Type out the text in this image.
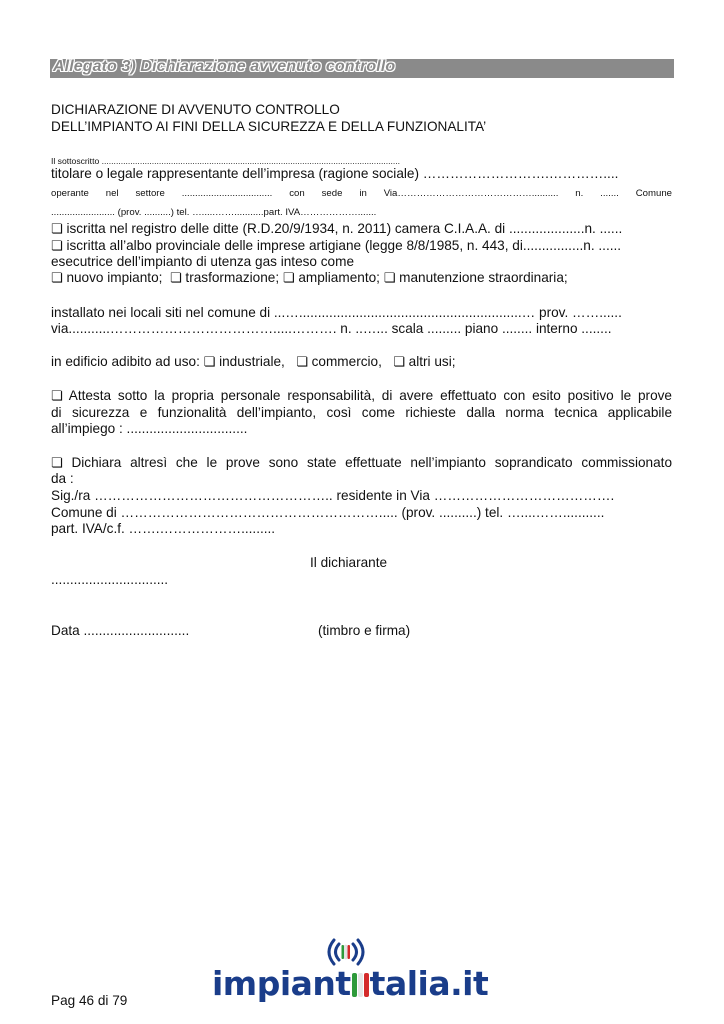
Allegato 3) Dichiarazione avvenuto controllo
DICHIARAZIONE DI AVVENUTO CONTROLLO
DELL’IMPIANTO AI FINI DELLA SICUREZZA E DELLA FUNZIONALITA’
Il sottoscritto .............................................................................................................................
titolare o legale rappresentante dell’impresa (ragione sociale) ……………………….…………....
operante nel settore .................................. con sede in Via…………………………………….......... n. ....... Comune
........................ (prov. ..........) tel. ….....……...........part. IVA……………….......
❏ iscritta nel registro delle ditte (R.D.20/9/1934, n. 2011) camera C.I.A.A. di ....................n. ......
❏ iscritta all’albo provinciale delle imprese artigiane (legge 8/8/1985, n. 443, di................n. ......
esecutrice dell’impianto di utenza gas inteso come
❏ nuovo impianto; ❏ trasformazione; ❏ ampliamento; ❏ manutenzione straordinaria;
installato nei locali siti nel comune di ...…...........................................................… prov. ……......
via...........……………………………….....………. n. ..…... scala ......... piano ........ interno ........
in edificio adibito ad uso: ❏ industriale, ❏ commercio, ❏ altri usi;
❏ Attesta sotto la propria personale responsabilità, di avere effettuato con esito positivo le prove
di sicurezza e funzionalità dell’impianto, così come richieste dalla norma tecnica applicabile
all’impiego : ................................
❏ Dichiara altresì che le prove sono state effettuate nell’impianto soprandicato commissionato
da :
Sig./ra …………………………………………….. residente in Via ………………………………….
Comune di …………………………………………………..... (prov. ..........) tel. …....……...........
part. IVA/c.f. …….……………….........
Il dichiarante
...............................
Data ............................	(timbro e firma)
impiant talia.it
Pag 46 di 79
